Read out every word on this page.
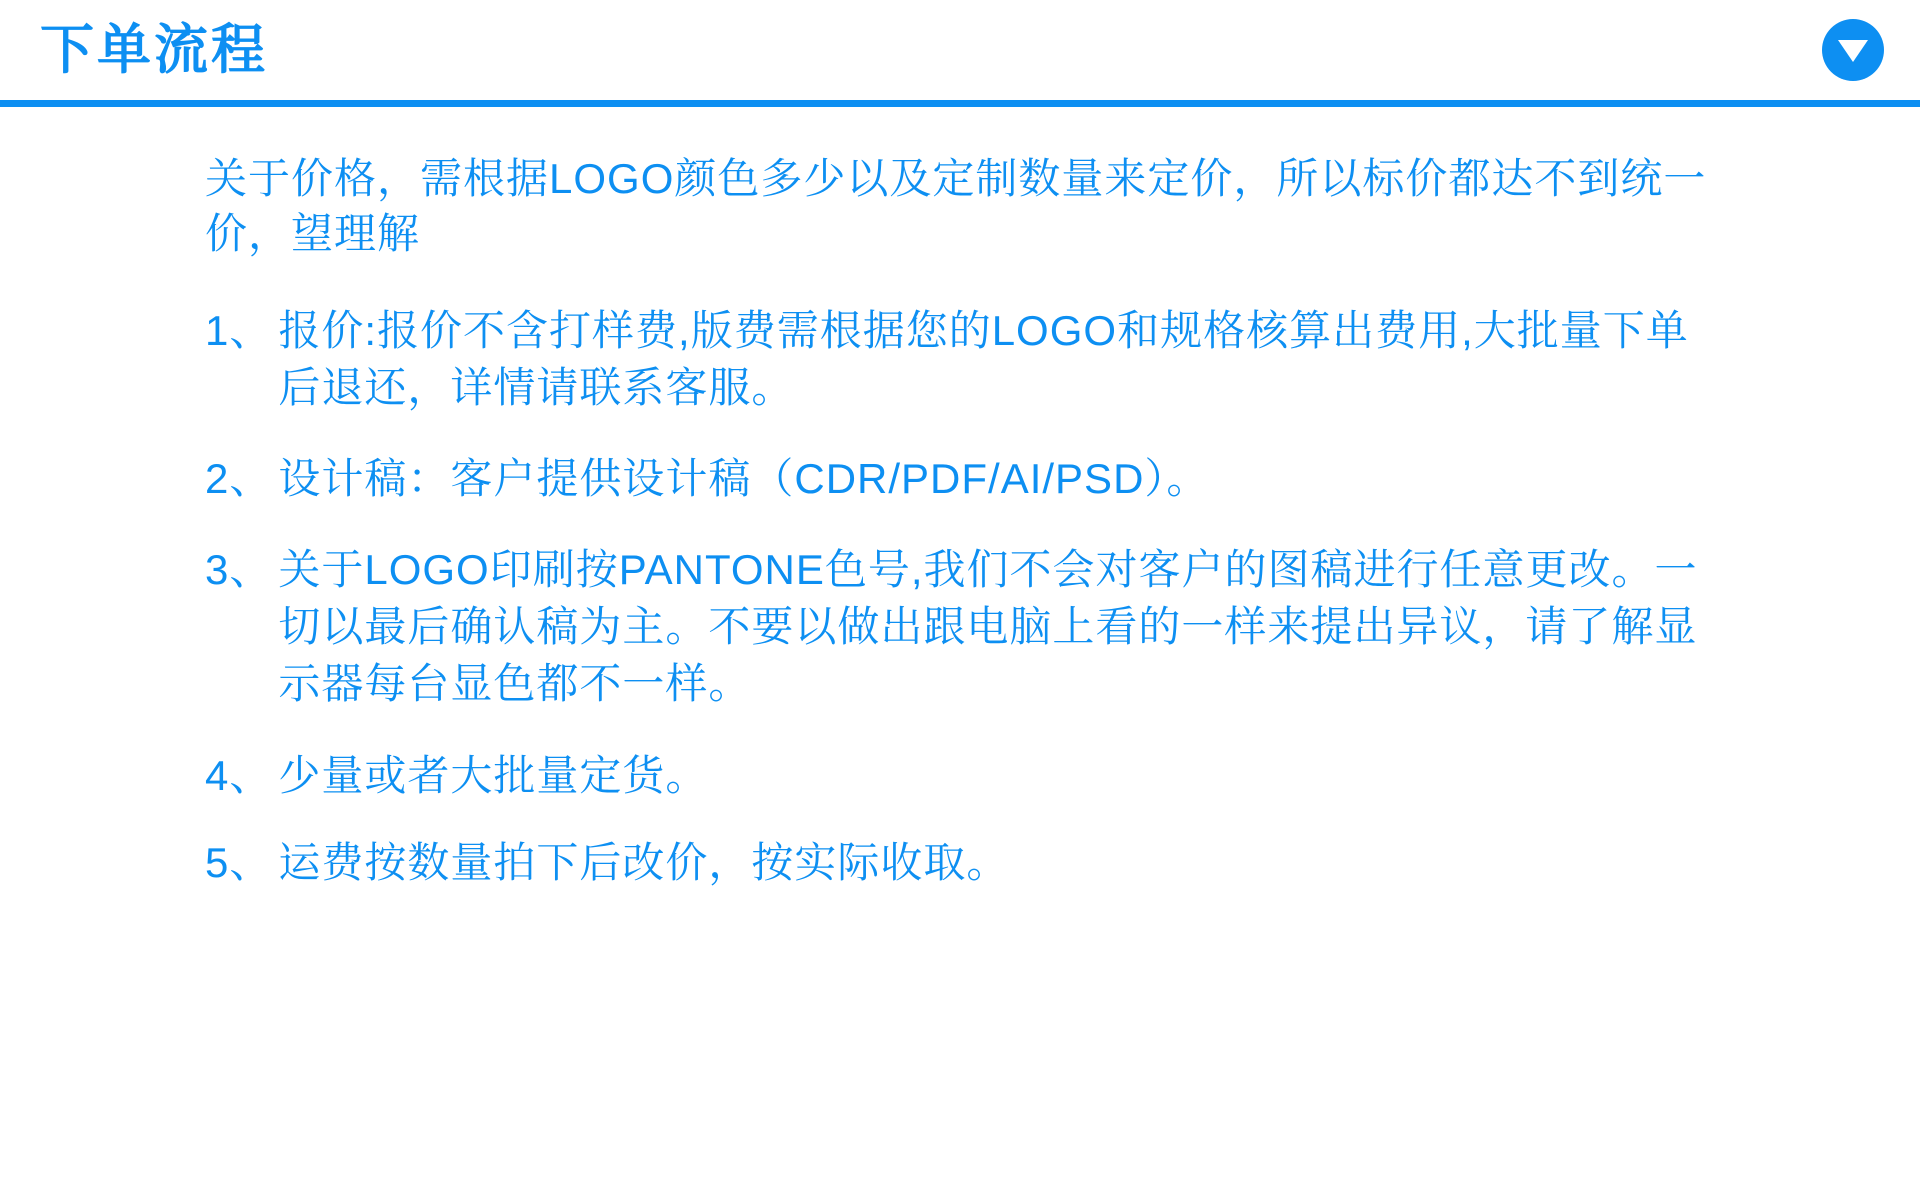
下单流程

关于价格，需根据LOGO颜色多少以及定制数量来定价，所以标价都达不到统一价，望理解

1、 报价:报价不含打样费,版费需根据您的LOGO和规格核算出费用,大批量下单后退还，详情请联系客服。
2、 设计稿：客户提供设计稿（CDR/PDF/AI/PSD）。
3、 关于LOGO印刷按PANTONE色号,我们不会对客户的图稿进行任意更改。一切以最后确认稿为主。不要以做出跟电脑上看的一样来提出异议，请了解显示器每台显色都不一样。
4、 少量或者大批量定货。
5、 运费按数量拍下后改价，按实际收取。
